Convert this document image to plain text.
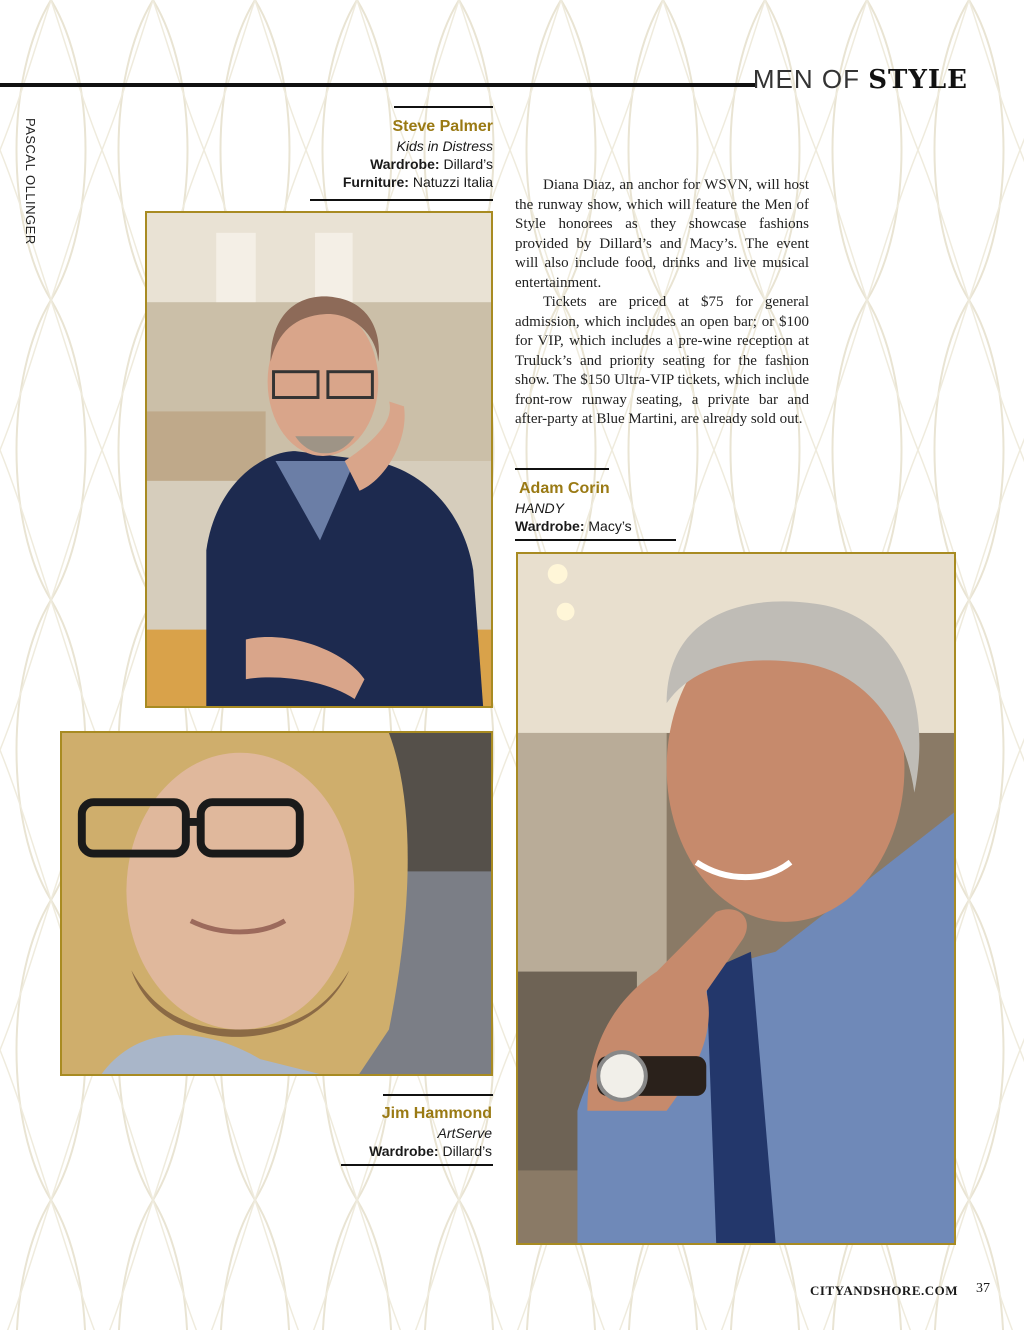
MEN OF STYLE
PASCAL OLLINGER	Steve Palmer
Kids in Distress
Wardrobe: Dillard’s
Furniture: Natuzzi Italia	Diana Diaz, an anchor for WSVN, will host the runway show, which will feature the Men of Style honorees as they showcase fashions provided by Dillard’s and Macy’s. The event will also include food, drinks and live musical entertainment.

Tickets are priced at $75 for general admission, which includes an open bar; or $100 for VIP, which includes a pre-wine reception at Truluck’s and priority seating for the fashion show. The $150 Ultra-VIP tickets, which include front-row runway seating, a private bar and after-party at Blue Martini, are already sold out.

Adam Corin
HANDY
Wardrobe: Macy’s
Jim Hammond
ArtServe
Wardrobe: Dillard’s
CITYANDSHORE.COM 37
